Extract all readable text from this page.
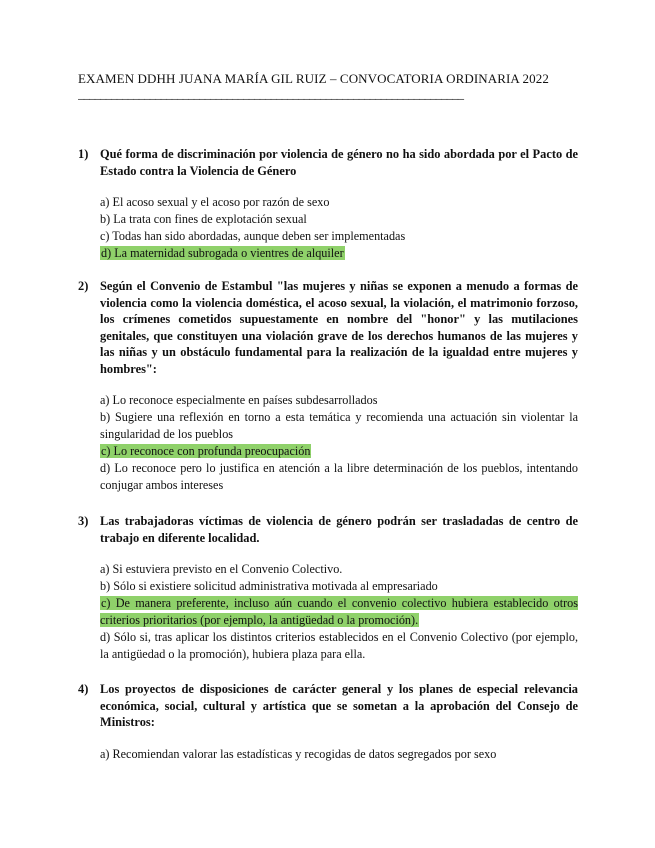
EXAMEN DDHH JUANA MARÍA GIL RUIZ – CONVOCATORIA ORDINARIA 2022
______________________________________________________________________
1) Qué forma de discriminación por violencia de género no ha sido abordada por el Pacto de Estado contra la Violencia de Género
a) El acoso sexual y el acoso por razón de sexo
b) La trata con fines de explotación sexual
c) Todas han sido abordadas, aunque deben ser implementadas
d) La maternidad subrogada o vientres de alquiler
2) Según el Convenio de Estambul "las mujeres y niñas se exponen a menudo a formas de violencia como la violencia doméstica, el acoso sexual, la violación, el matrimonio forzoso, los crímenes cometidos supuestamente en nombre del "honor" y las mutilaciones genitales, que constituyen una violación grave de los derechos humanos de las mujeres y las niñas y un obstáculo fundamental para la realización de la igualdad entre mujeres y hombres":
a) Lo reconoce especialmente en países subdesarrollados
b) Sugiere una reflexión en torno a esta temática y recomienda una actuación sin violentar la singularidad de los pueblos
c) Lo reconoce con profunda preocupación
d) Lo reconoce pero lo justifica en atención a la libre determinación de los pueblos, intentando conjugar ambos intereses
3) Las trabajadoras víctimas de violencia de género podrán ser trasladadas de centro de trabajo en diferente localidad.
a) Si estuviera previsto en el Convenio Colectivo.
b) Sólo si existiere solicitud administrativa motivada al empresariado
c) De manera preferente, incluso aún cuando el convenio colectivo hubiera establecido otros criterios prioritarios (por ejemplo, la antigüedad o la promoción).
d) Sólo si, tras aplicar los distintos criterios establecidos en el Convenio Colectivo (por ejemplo, la antigüedad o la promoción), hubiera plaza para ella.
4) Los proyectos de disposiciones de carácter general y los planes de especial relevancia económica, social, cultural y artística que se sometan a la aprobación del Consejo de Ministros:
a) Recomiendan valorar las estadísticas y recogidas de datos segregados por sexo
